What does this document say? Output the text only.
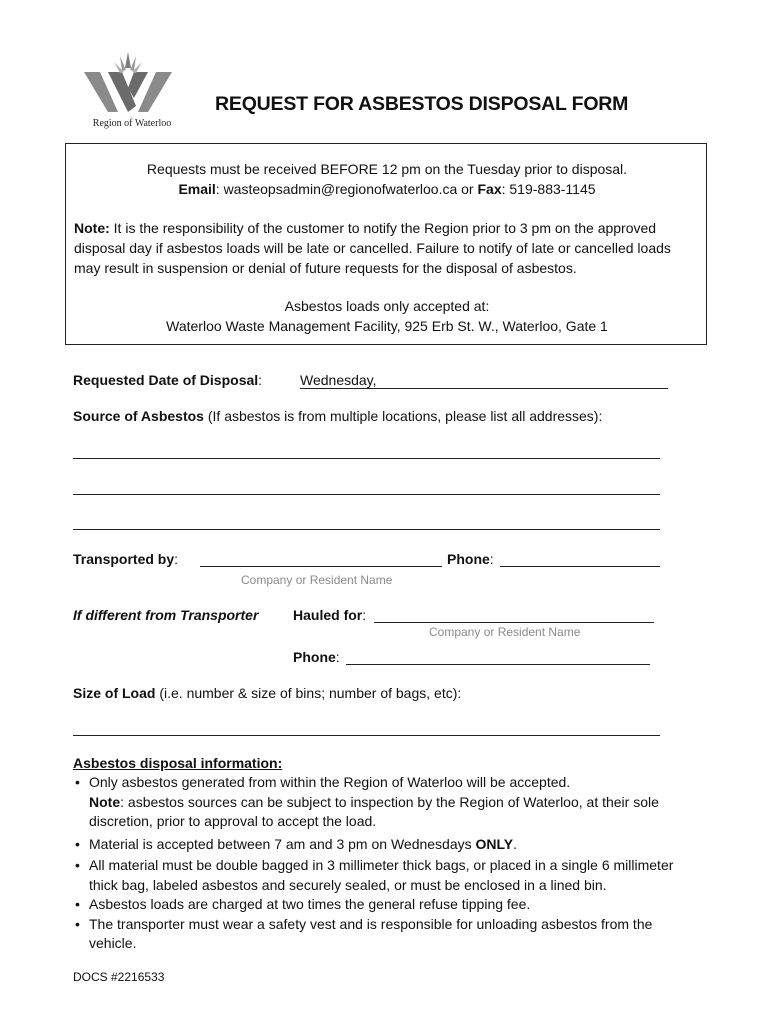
Region of Waterloo
REQUEST FOR ASBESTOS DISPOSAL FORM
Requests must be received BEFORE 12 pm on the Tuesday prior to disposal.
Email: wasteopsadmin@regionofwaterloo.ca or Fax: 519-883-1145
Note: It is the responsibility of the customer to notify the Region prior to 3 pm on the approved
disposal day if asbestos loads will be late or cancelled. Failure to notify of late or cancelled loads
may result in suspension or denial of future requests for the disposal of asbestos.
Asbestos loads only accepted at:
Waterloo Waste Management Facility, 925 Erb St. W., Waterloo, Gate 1
Requested Date of Disposal:	Wednesday,
Source of Asbestos (If asbestos is from multiple locations, please list all addresses):
Transported by:	Phone:
Company or Resident Name
If different from Transporter Hauled for:
Company or Resident Name
Phone:
Size of Load (i.e. number & size of bins; number of bags, etc):
Asbestos disposal information:
• Only asbestos generated from within the Region of Waterloo will be accepted.
Note: asbestos sources can be subject to inspection by the Region of Waterloo, at their sole
discretion, prior to approval to accept the load.
• Material is accepted between 7 am and 3 pm on Wednesdays ONLY.
• All material must be double bagged in 3 millimeter thick bags, or placed in a single 6 millimeter
thick bag, labeled asbestos and securely sealed, or must be enclosed in a lined bin.
• Asbestos loads are charged at two times the general refuse tipping fee.
• The transporter must wear a safety vest and is responsible for unloading asbestos from the
vehicle.
DOCS #2216533
